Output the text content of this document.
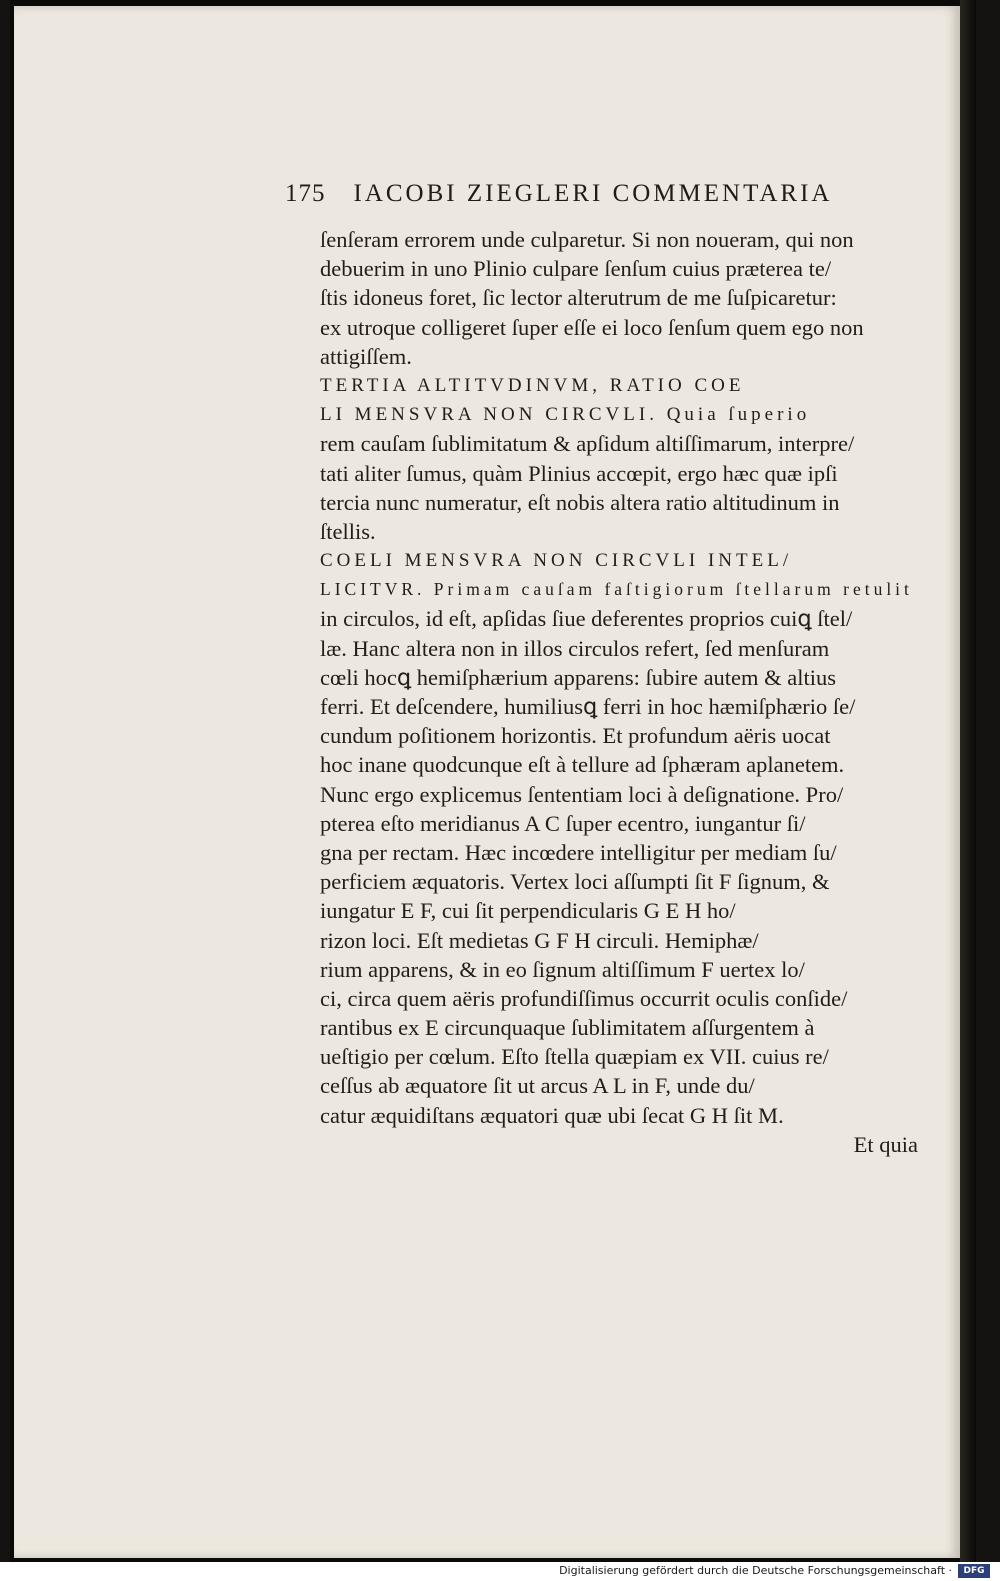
175 IACOBI ZIEGLERI COMMENTARIA
ſenſeram errorem unde culparetur. Si non noueram, qui non
debuerim in uno Plinio culpare ſenſum cuius præterea te/
ſtis idoneus foret, ſic lector alterutrum de me ſuſpicaretur:
ex utroque colligeret ſuper eſſe ei loco ſenſum quem ego non
attigiſſem.
TERTIA ALTITVDINVM, RATIO COE
LI MENSVRA NON CIRCVLI. Quia ſuperio
rem cauſam ſublimitatum & apſidum altiſſimarum, interpre/
tati aliter ſumus, quàm Plinius accœpit, ergo hæc quæ ipſi
tercia nunc numeratur, eſt nobis altera ratio altitudinum in
ſtellis.
COELI MENSVRA NON CIRCVLI INTEL/
LICITVR. Primam cauſam faſtigiorum ſtellarum retulit
in circulos, id eſt, apſidas ſiue deferentes proprios cuiꝗ ſtel/
læ. Hanc altera non in illos circulos refert, ſed menſuram
cœli hocꝗ hemiſphærium apparens: ſubire autem & altius
ferri. Et deſcendere, humiliusꝗ ferri in hoc hæmiſphærio ſe/
cundum poſitionem horizontis. Et profundum aëris uocat
hoc inane quodcunque eſt à tellure ad ſphæram aplanetem.
Nunc ergo explicemus ſententiam loci à deſignatione. Pro/
pterea eſto meridianus A C ſuper ecentro, iungantur ſi/
gna per rectam. Hæc incœdere intelligitur per mediam ſu/
perficiem æquatoris. Vertex loci aſſumpti ſit F ſignum, &
iungatur E F, cui ſit perpendicularis G E H ho/
rizon loci. Eſt medietas G F H circuli. Hemiphæ/
rium apparens, & in eo ſignum altiſſimum F uertex lo/
ci, circa quem aëris profundiſſimus occurrit oculis conſide/
rantibus ex E circunquaque ſublimitatem aſſurgentem à
ueſtigio per cœlum. Eſto ſtella quæpiam ex VII. cuius re/
ceſſus ab æquatore ſit ut arcus A L in F, unde du/
catur æquidiſtans æquatori quæ ubi ſecat G H ſit M.
Et quia
Digitalisierung gefördert durch die Deutsche Forschungsgemeinschaft ·	DFG
